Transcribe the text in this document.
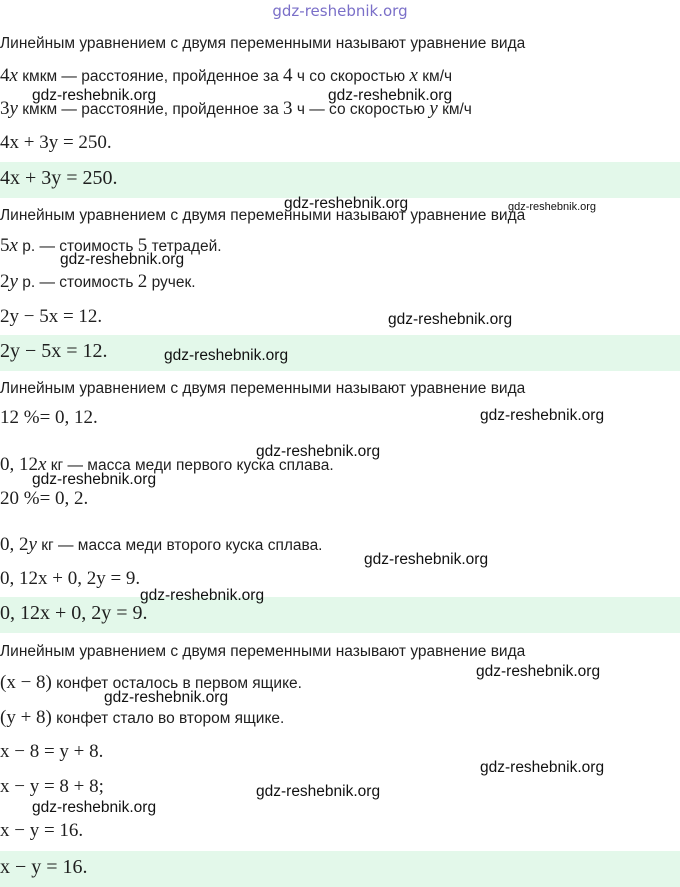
gdz-reshebnik.org
Линейным уравнением с двумя переменными называют уравнение вида
4x кмкм — расстояние, пройденное за 4 ч со скоростью x км/ч
3y кмкм — расстояние, пройденное за 3 ч — со скоростью y км/ч
4x + 3y = 250.
4x + 3y = 250.
Линейным уравнением с двумя переменными называют уравнение вида
5x р. — стоимость 5 тетрадей.
2y р. — стоимость 2 ручек.
2y − 5x = 12.
2y − 5x = 12.
Линейным уравнением с двумя переменными называют уравнение вида
12 %= 0, 12.
0, 12x кг — масса меди первого куска сплава.
20 %= 0, 2.
0, 2y кг — масса меди второго куска сплава.
0, 12x + 0, 2y = 9.
0, 12x + 0, 2y = 9.
Линейным уравнением с двумя переменными называют уравнение вида
(x − 8) конфет осталось в первом ящике.
(y + 8) конфет стало во втором ящике.
x − 8 = y + 8.
x − y = 8 + 8;
x − y = 16.
x − y = 16.
gdz-reshebnik.org	gdz-reshebnik.org
gdz-reshebnik.org	gdz-reshebnik.org
gdz-reshebnik.org
gdz-reshebnik.org
gdz-reshebnik.org
gdz-reshebnik.org
gdz-reshebnik.org
gdz-reshebnik.org
gdz-reshebnik.org
gdz-reshebnik.org
gdz-reshebnik.org
gdz-reshebnik.org
gdz-reshebnik.org
gdz-reshebnik.org
gdz-reshebnik.org
